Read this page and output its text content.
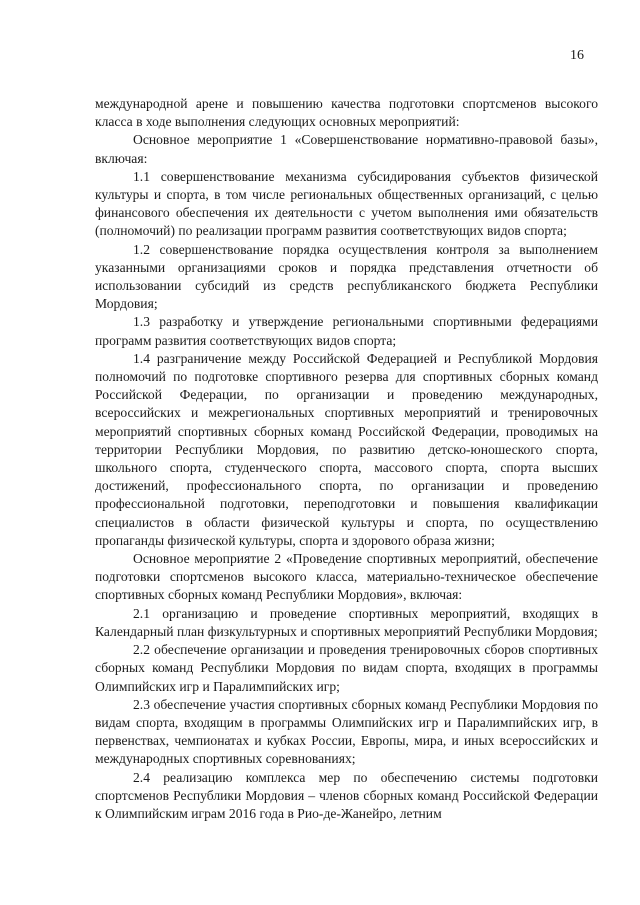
16

международной арене и повышению качества подготовки спортсменов высокого класса в ходе выполнения следующих основных мероприятий:

Основное мероприятие 1 «Совершенствование нормативно-правовой базы», включая:

1.1 совершенствование механизма субсидирования субъектов физической культуры и спорта, в том числе региональных общественных организаций, с целью финансового обеспечения их деятельности с учетом выполнения ими обязательств (полномочий) по реализации программ развития соответствующих видов спорта;

1.2 совершенствование порядка осуществления контроля за выполнением указанными организациями сроков и порядка представления отчетности об использовании субсидий из средств республиканского бюджета Республики Мордовия;

1.3 разработку и утверждение региональными спортивными федерациями программ развития соответствующих видов спорта;

1.4 разграничение между Российской Федерацией и Республикой Мордовия полномочий по подготовке спортивного резерва для спортивных сборных команд Российской Федерации, по организации и проведению международных, всероссийских и межрегиональных спортивных мероприятий и тренировочных мероприятий спортивных сборных команд Российской Федерации, проводимых на территории Республики Мордовия, по развитию детско-юношеского спорта, школьного спорта, студенческого спорта, массового спорта, спорта высших достижений, профессионального спорта, по организации и проведению профессиональной подготовки, переподготовки и повышения квалификации специалистов в области физической культуры и спорта, по осуществлению пропаганды физической культуры, спорта и здорового образа жизни;

Основное мероприятие 2 «Проведение спортивных мероприятий, обеспечение подготовки спортсменов высокого класса, материально-техническое обеспечение спортивных сборных команд Республики Мордовия», включая:

2.1 организацию и проведение спортивных мероприятий, входящих в Календарный план физкультурных и спортивных мероприятий Республики Мордовия;

2.2 обеспечение организации и проведения тренировочных сборов спортивных сборных команд Республики Мордовия по видам спорта, входящих в программы Олимпийских игр и Паралимпийских игр;

2.3 обеспечение участия спортивных сборных команд Республики Мордовия по видам спорта, входящим в программы Олимпийских игр и Паралимпийских игр, в первенствах, чемпионатах и кубках России, Европы, мира, и иных всероссийских и международных спортивных соревнованиях;

2.4 реализацию комплекса мер по обеспечению системы подготовки спортсменов Республики Мордовия – членов сборных команд Российской Федерации к Олимпийским играм 2016 года в Рио-де-Жанейро, летним
